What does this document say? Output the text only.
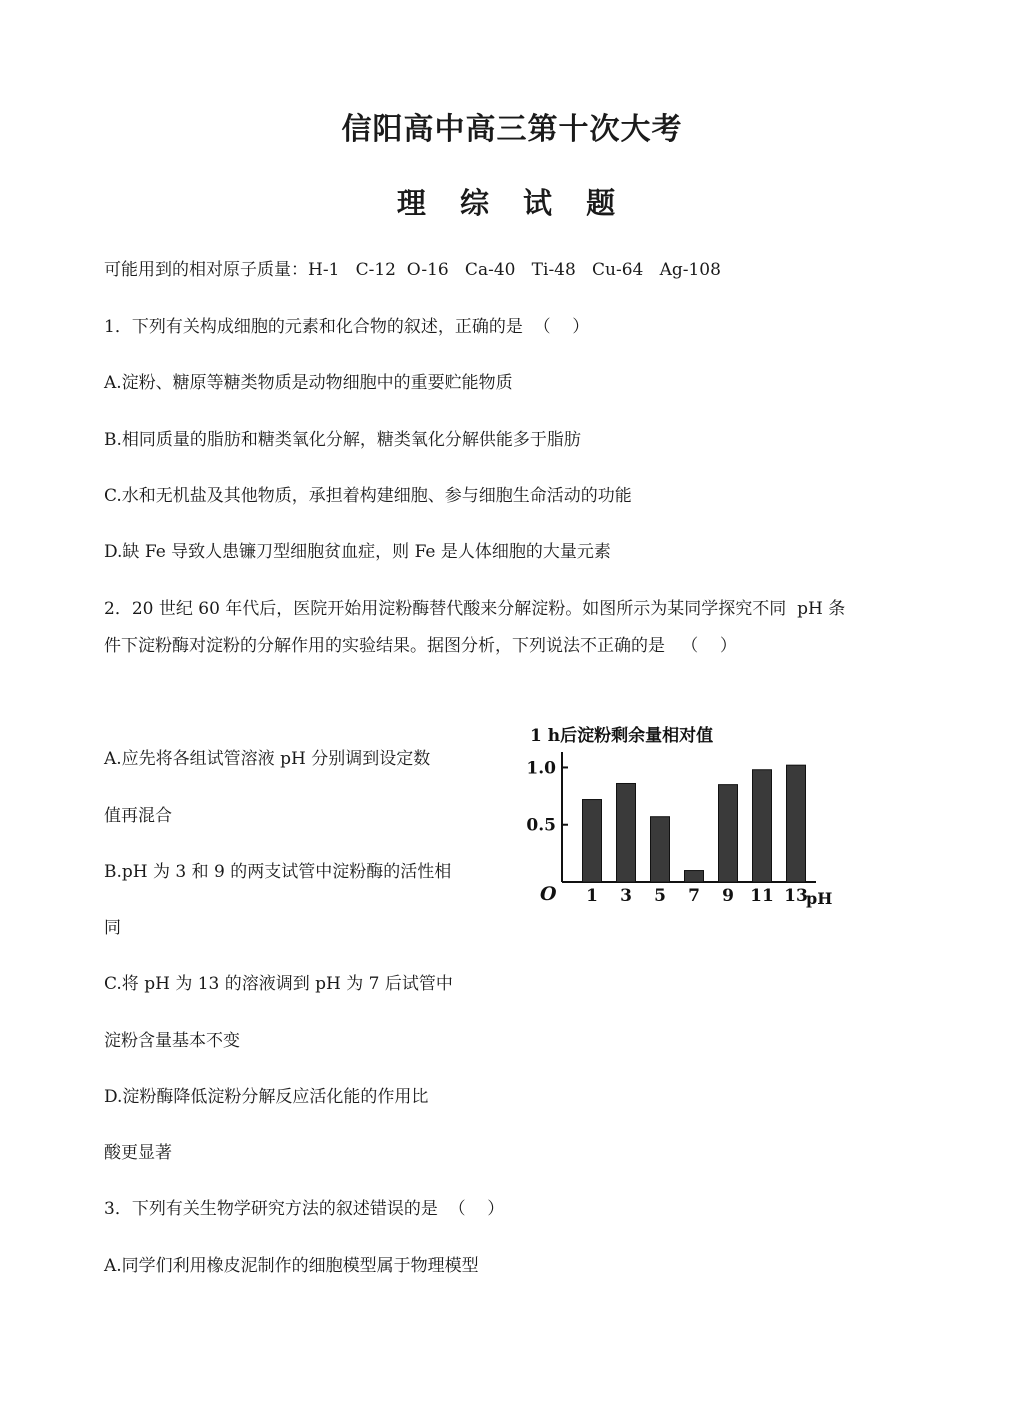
信阳高中高三第十次大考
理 综 试 题
可能用到的相对原子质量：H-1   C-12  O-16   Ca-40   Ti-48   Cu-64   Ag-108
1．下列有关构成细胞的元素和化合物的叙述，正确的是  （    ）
A.淀粉、糖原等糖类物质是动物细胞中的重要贮能物质
B.相同质量的脂肪和糖类氧化分解，糖类氧化分解供能多于脂肪
C.水和无机盐及其他物质，承担着构建细胞、参与细胞生命活动的功能
D.缺 Fe 导致人患镰刀型细胞贫血症，则 Fe 是人体细胞的大量元素
2．20 世纪 60 年代后，医院开始用淀粉酶替代酸来分解淀粉。如图所示为某同学探究不同  pH 条
件下淀粉酶对淀粉的分解作用的实验结果。据图分析，下列说法不正确的是   （    ）
A.应先将各组试管溶液 pH 分别调到设定数
值再混合
B.pH 为 3 和 9 的两支试管中淀粉酶的活性相
同
C.将 pH 为 13 的溶液调到 pH 为 7 后试管中
淀粉含量基本不变
D.淀粉酶降低淀粉分解反应活化能的作用比
酸更显著
1 h后淀粉剩余量相对值
0.5
1.0
1 3 5 7 9 11 13
O	pH
3．下列有关生物学研究方法的叙述错误的是  （    ）
A.同学们利用橡皮泥制作的细胞模型属于物理模型
